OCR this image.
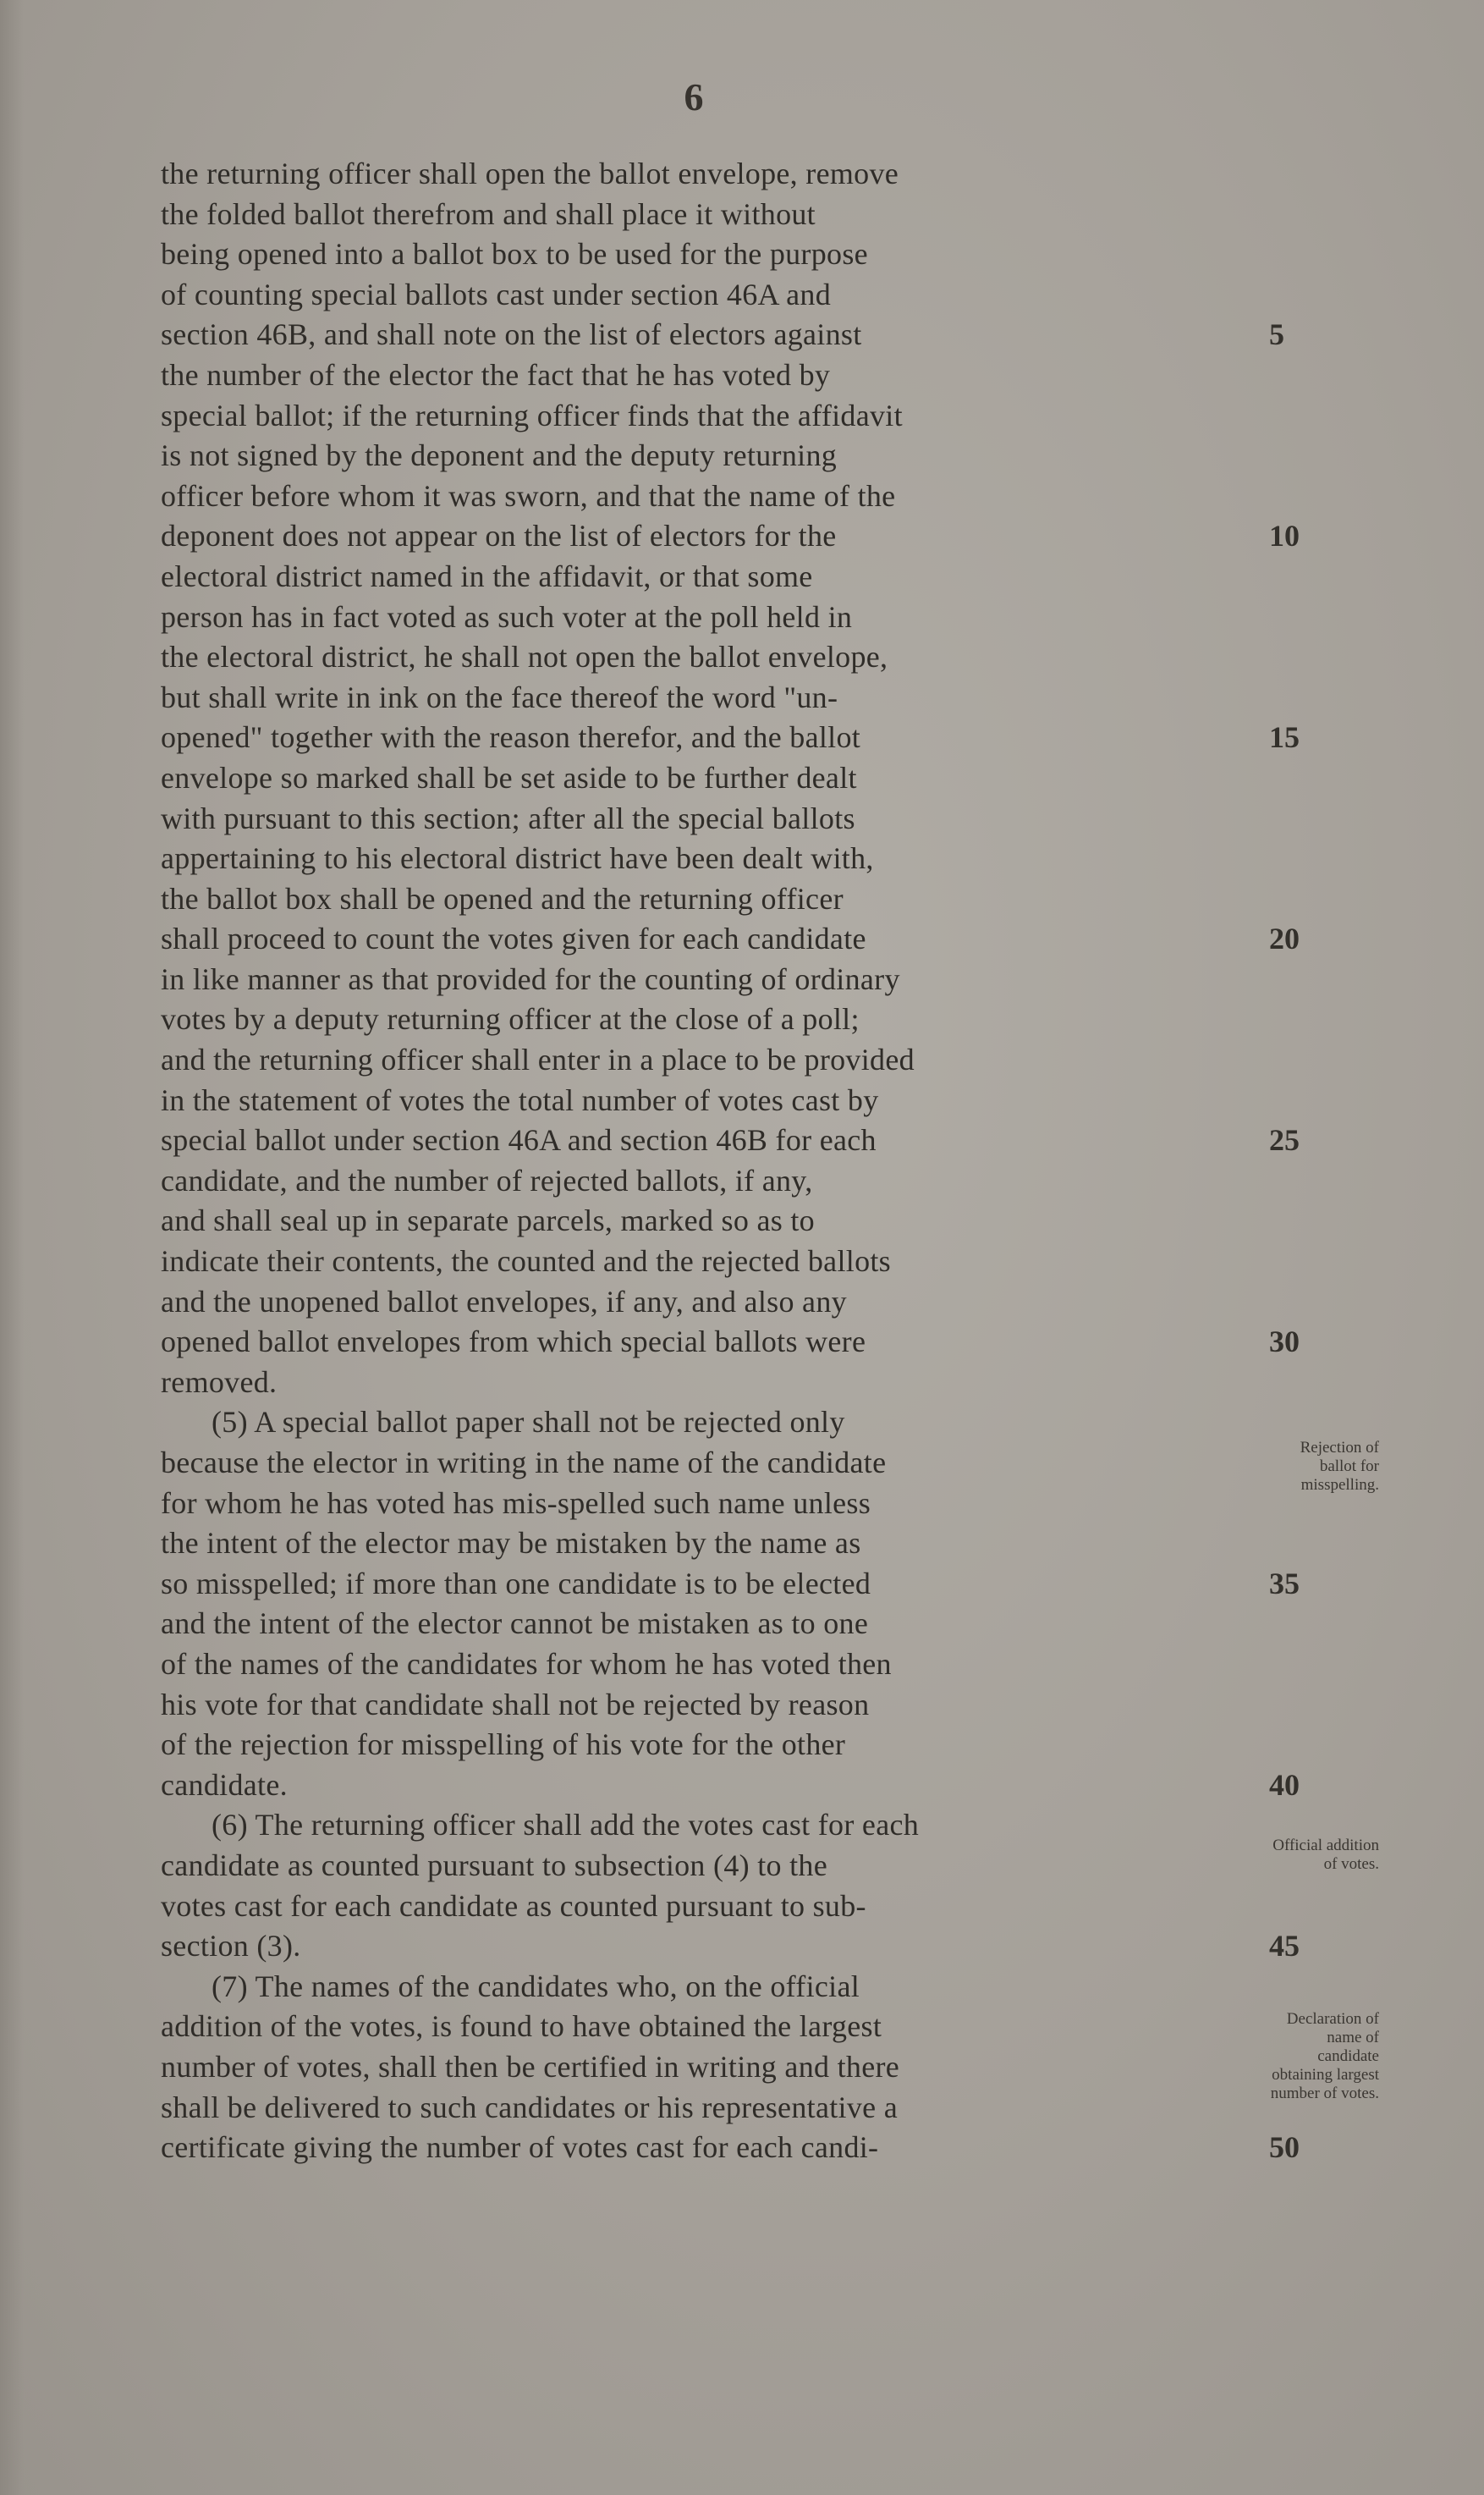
6
the returning officer shall open the ballot envelope, remove
the folded ballot therefrom and shall place it without
being opened into a ballot box to be used for the purpose
of counting special ballots cast under section 46A and
section 46B, and shall note on the list of electors against
the number of the elector the fact that he has voted by
special ballot; if the returning officer finds that the affidavit
is not signed by the deponent and the deputy returning
officer before whom it was sworn, and that the name of the
deponent does not appear on the list of electors for the
electoral district named in the affidavit, or that some
person has in fact voted as such voter at the poll held in
the electoral district, he shall not open the ballot envelope,
but shall write in ink on the face thereof the word "un-
opened" together with the reason therefor, and the ballot
envelope so marked shall be set aside to be further dealt
with pursuant to this section; after all the special ballots
appertaining to his electoral district have been dealt with,
the ballot box shall be opened and the returning officer
shall proceed to count the votes given for each candidate
in like manner as that provided for the counting of ordinary
votes by a deputy returning officer at the close of a poll;
and the returning officer shall enter in a place to be provided
in the statement of votes the total number of votes cast by
special ballot under section 46A and section 46B for each
candidate, and the number of rejected ballots, if any,
and shall seal up in separate parcels, marked so as to
indicate their contents, the counted and the rejected ballots
and the unopened ballot envelopes, if any, and also any
opened ballot envelopes from which special ballots were
removed.
(5) A special ballot paper shall not be rejected only
because the elector in writing in the name of the candidate
for whom he has voted has mis-spelled such name unless
the intent of the elector may be mistaken by the name as
so misspelled; if more than one candidate is to be elected
and the intent of the elector cannot be mistaken as to one
of the names of the candidates for whom he has voted then
his vote for that candidate shall not be rejected by reason
of the rejection for misspelling of his vote for the other
candidate.
(6) The returning officer shall add the votes cast for each
candidate as counted pursuant to subsection (4) to the
votes cast for each candidate as counted pursuant to sub-
section (3).
(7) The names of the candidates who, on the official
addition of the votes, is found to have obtained the largest
number of votes, shall then be certified in writing and there
shall be delivered to such candidates or his representative a
certificate giving the number of votes cast for each candi-
5
10
15
20
25
30
35
40
45
50
Rejection of ballot for misspelling.
Official addition of votes.
Declaration of name of candidate obtaining largest number of votes.
